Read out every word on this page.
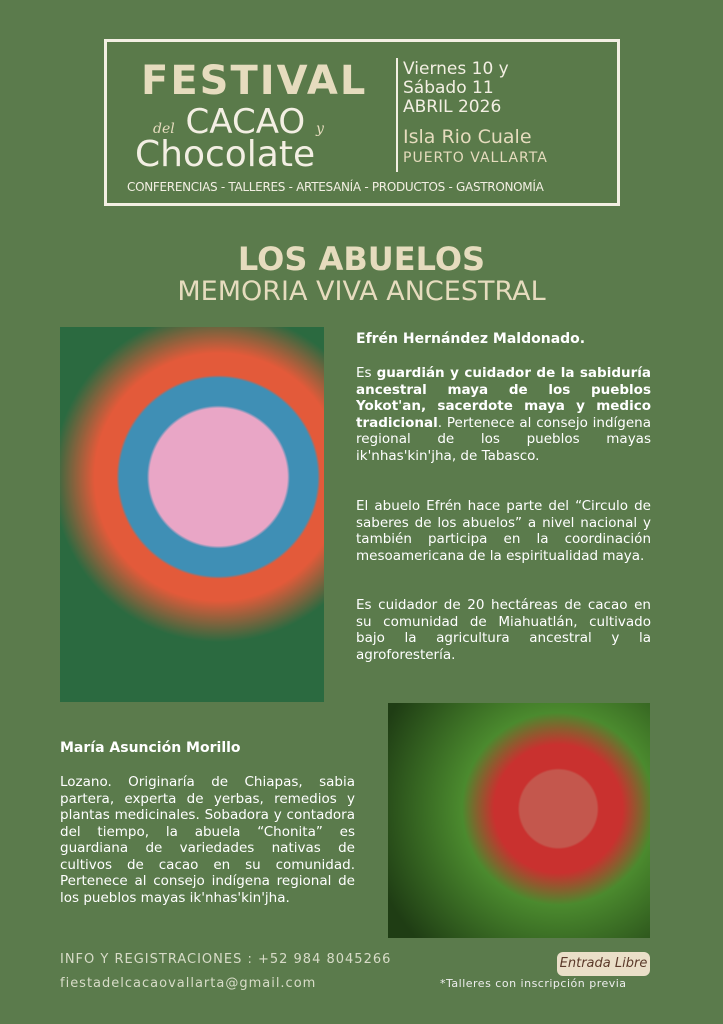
FESTIVAL
del CACAO y
Chocolate
Viernes 10 y
Sábado 11
ABRIL 2026
Isla Rio Cuale
PUERTO VALLARTA
CONFERENCIAS - TALLERES - ARTESANÍA - PRODUCTOS - GASTRONOMÍA
LOS ABUELOS
MEMORIA VIVA ANCESTRAL
Efrén Hernández Maldonado.
Es guardián y cuidador de la sabiduría ancestral maya de los pueblos Yokot'an, sacerdote maya y medico tradicional. Pertenece al consejo indígena regional de los pueblos mayas ik'nhas'kin'jha, de Tabasco.
El abuelo Efrén hace parte del “Circulo de saberes de los abuelos” a nivel nacional y también participa en la coordinación mesoamericana de la espiritualidad maya.
Es cuidador de 20 hectáreas de cacao en su comunidad de Miahuatlán, cultivado bajo la agricultura ancestral y la agroforestería.
María Asunción Morillo
Lozano. Originaría de Chiapas, sabia partera, experta de yerbas, remedios y plantas medicinales. Sobadora y contadora del tiempo, la abuela “Chonita” es guardiana de variedades nativas de cultivos de cacao en su comunidad. Pertenece al consejo indígena regional de los pueblos mayas ik'nhas'kin'jha.
INFO Y REGISTRACIONES : +52 984 8045266
fiestadelcacaovallarta@gmail.com
Entrada Libre
*Talleres con inscripción previa
